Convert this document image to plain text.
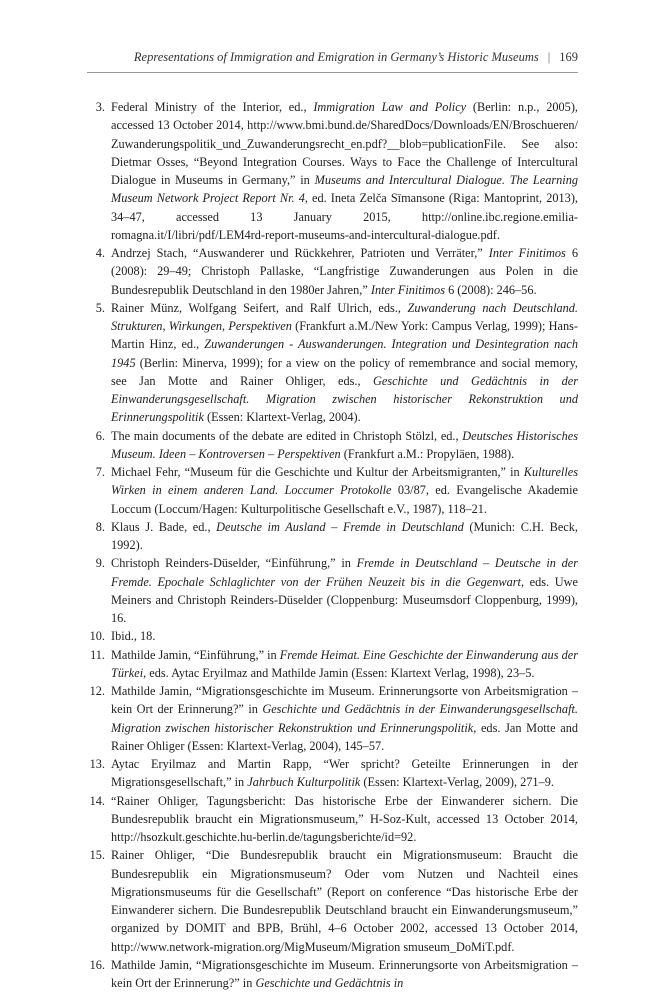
Representations of Immigration and Emigration in Germany’s Historic Museums | 169
3. Federal Ministry of the Interior, ed., Immigration Law and Policy (Berlin: n.p., 2005), accessed 13 October 2014, http://www.bmi.bund.de/SharedDocs/Downloads/EN/Broschueren/ Zuwanderungspolitik_und_Zuwanderungsrecht_en.pdf?__blob=publicationFile. See also: Dietmar Osses, “Beyond Integration Courses. Ways to Face the Challenge of Intercultural Dialogue in Museums in Germany,” in Museums and Intercultural Dialogue. The Learning Museum Network Project Report Nr. 4, ed. Ineta Zelča Sīmansone (Riga: Mantoprint, 2013), 34–47, accessed 13 January 2015, http://online.ibc.regione.emilia-romagna.it/I/libri/pdf/LEM4rd-report-museums-and-intercultural-dialogue.pdf.
4. Andrzej Stach, “Auswanderer und Rückkehrer, Patrioten und Verräter,” Inter Finitimos 6 (2008): 29–49; Christoph Pallaske, “Langfristige Zuwanderungen aus Polen in die Bundesrepublik Deutschland in den 1980er Jahren,” Inter Finitimos 6 (2008): 246–56.
5. Rainer Münz, Wolfgang Seifert, and Ralf Ulrich, eds., Zuwanderung nach Deutschland. Strukturen, Wirkungen, Perspektiven (Frankfurt a.M./New York: Campus Verlag, 1999); Hans-Martin Hinz, ed., Zuwanderungen - Auswanderungen. Integration und Desintegration nach 1945 (Berlin: Minerva, 1999); for a view on the policy of remembrance and social memory, see Jan Motte and Rainer Ohliger, eds., Geschichte und Gedächtnis in der Einwanderungsgesellschaft. Migration zwischen historischer Rekonstruktion und Erinnerungspolitik (Essen: Klartext-Verlag, 2004).
6. The main documents of the debate are edited in Christoph Stölzl, ed., Deutsches Historisches Museum. Ideen – Kontroversen – Perspektiven (Frankfurt a.M.: Propyläen, 1988).
7. Michael Fehr, “Museum für die Geschichte und Kultur der Arbeitsmigranten,” in Kulturelles Wirken in einem anderen Land. Loccumer Protokolle 03/87, ed. Evangelische Akademie Loccum (Loccum/Hagen: Kulturpolitische Gesellschaft e.V., 1987), 118–21.
8. Klaus J. Bade, ed., Deutsche im Ausland – Fremde in Deutschland (Munich: C.H. Beck, 1992).
9. Christoph Reinders-Düselder, “Einführung,” in Fremde in Deutschland – Deutsche in der Fremde. Epochale Schlaglichter von der Frühen Neuzeit bis in die Gegenwart, eds. Uwe Meiners and Christoph Reinders-Düselder (Cloppenburg: Museumsdorf Cloppenburg, 1999), 16.
10. Ibid., 18.
11. Mathilde Jamin, “Einführung,” in Fremde Heimat. Eine Geschichte der Einwanderung aus der Türkei, eds. Aytac Eryilmaz and Mathilde Jamin (Essen: Klartext Verlag, 1998), 23–5.
12. Mathilde Jamin, “Migrationsgeschichte im Museum. Erinnerungsorte von Arbeitsmigration – kein Ort der Erinnerung?” in Geschichte und Gedächtnis in der Einwanderungsgesellschaft. Migration zwischen historischer Rekonstruktion und Erinnerungspolitik, eds. Jan Motte and Rainer Ohliger (Essen: Klartext-Verlag, 2004), 145–57.
13. Aytac Eryilmaz and Martin Rapp, “Wer spricht? Geteilte Erinnerungen in der Migrationsgesellschaft,” in Jahrbuch Kulturpolitik (Essen: Klartext-Verlag, 2009), 271–9.
14. “Rainer Ohliger, Tagungsbericht: Das historische Erbe der Einwanderer sichern. Die Bundesrepublik braucht ein Migrationsmuseum,” H-Soz-Kult, accessed 13 October 2014, http://hsozkult.geschichte.hu-berlin.de/tagungsberichte/id=92.
15. Rainer Ohliger, “Die Bundesrepublik braucht ein Migrationsmuseum: Braucht die Bundesrepublik ein Migrationsmuseum? Oder vom Nutzen und Nachteil eines Migrationsmuseums für die Gesellschaft” (Report on conference “Das historische Erbe der Einwanderer sichern. Die Bundesrepublik Deutschland braucht ein Einwanderungsmuseum,” organized by DOMIT and BPB, Brühl, 4–6 October 2002, accessed 13 October 2014, http://www.network-migration.org/MigMuseum/Migration smuseum_DoMiT.pdf.
16. Mathilde Jamin, “Migrationsgeschichte im Museum. Erinnerungsorte von Arbeitsmigration – kein Ort der Erinnerung?” in Geschichte und Gedächtnis in
